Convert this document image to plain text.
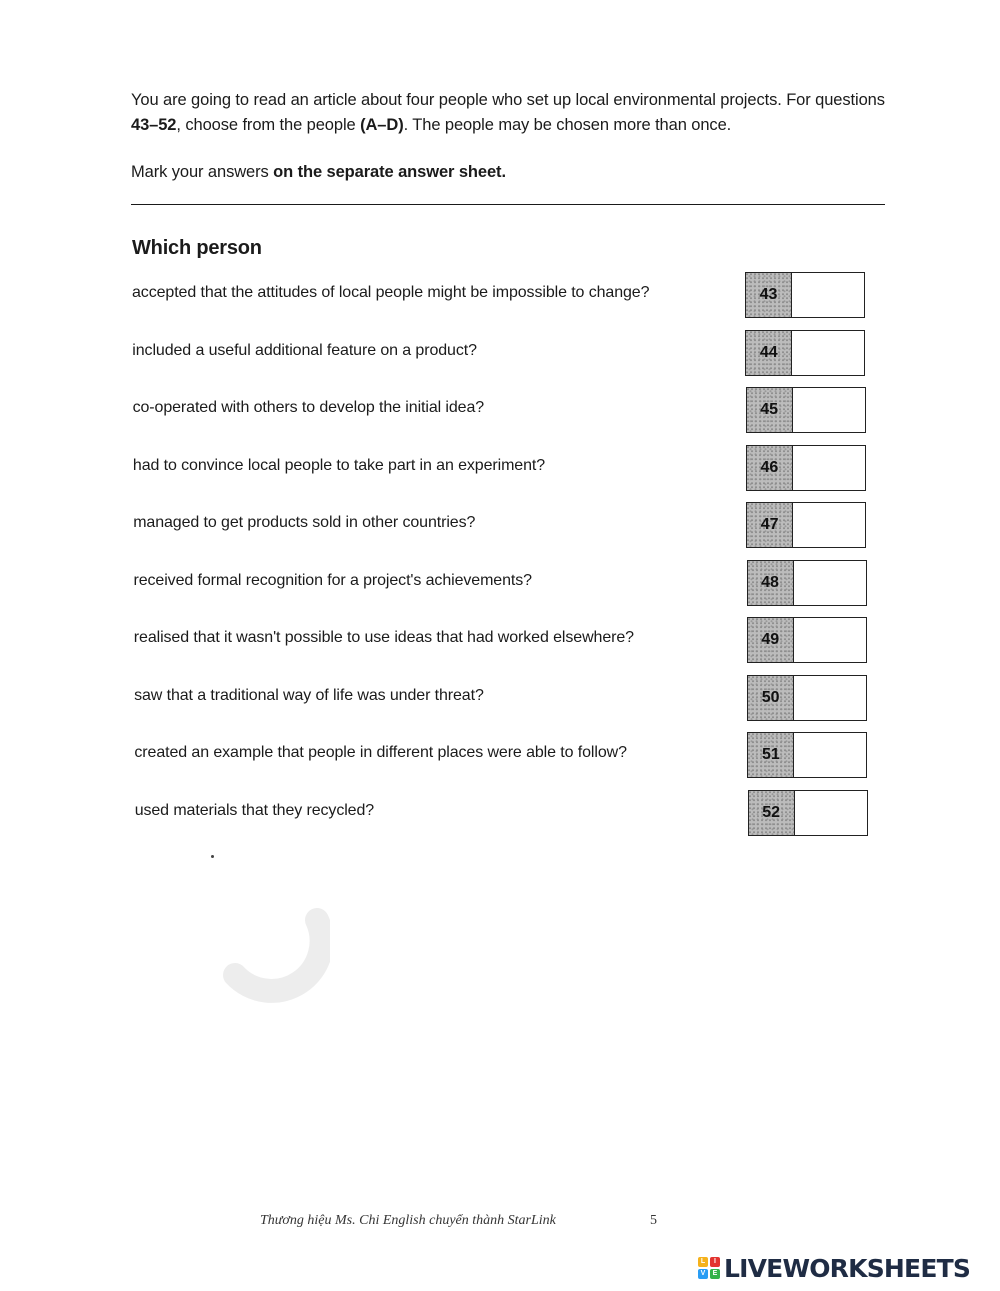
You are going to read an article about four people who set up local environmental projects. For questions 43–52, choose from the people (A–D). The people may be chosen more than once.

Mark your answers on the separate answer sheet.

Which person
accepted that the attitudes of local people might be impossible to change?	43
included a useful additional feature on a product?	44
co-operated with others to develop the initial idea?	45
had to convince local people to take part in an experiment?	46
managed to get products sold in other countries?	47
received formal recognition for a project's achievements?	48
realised that it wasn't possible to use ideas that had worked elsewhere?	49
saw that a traditional way of life was under threat?	50
created an example that people in different places were able to follow?	51
used materials that they recycled?	52
Thương hiệu Ms. Chi English chuyển thành StarLink	5
L	I
V	E LIVEWORKSHEETS
